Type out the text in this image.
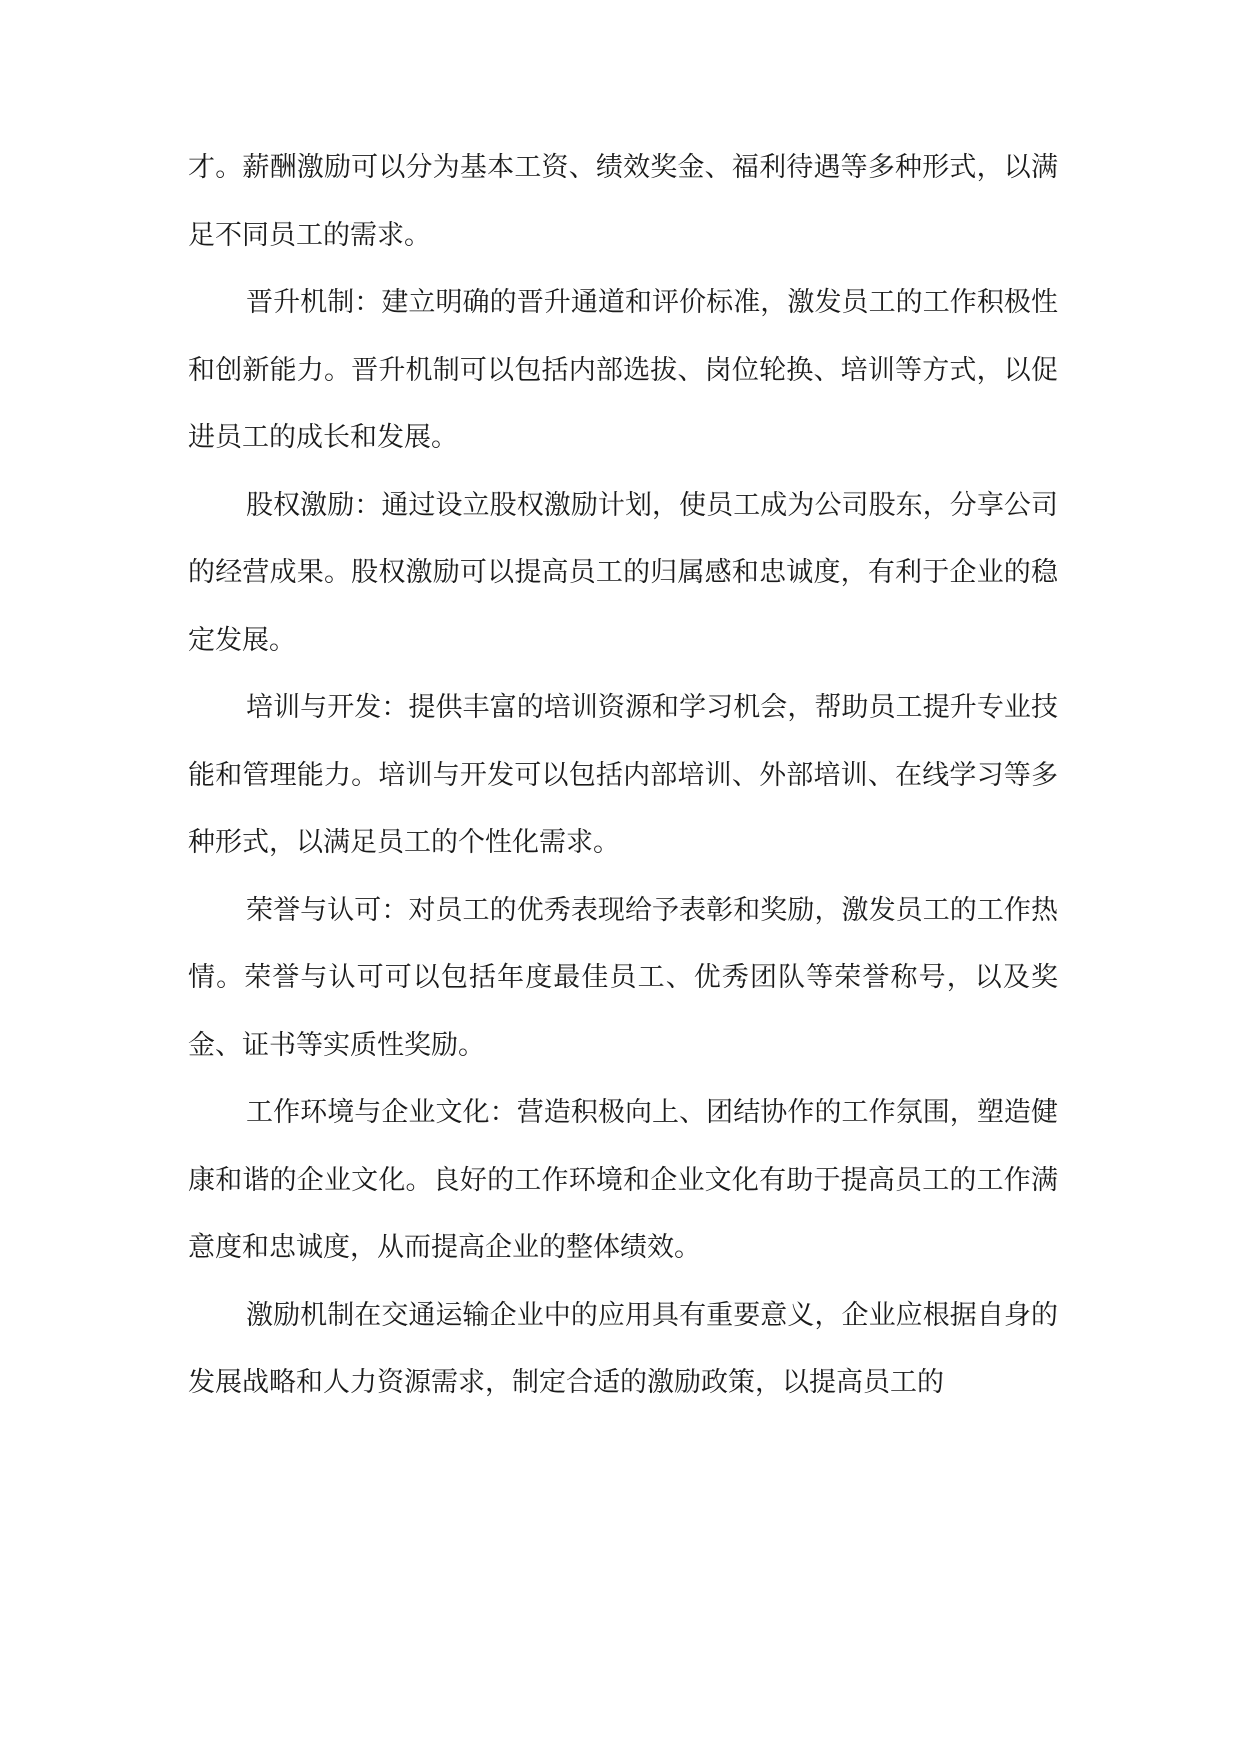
才。薪酬激励可以分为基本工资、绩效奖金、福利待遇等多种形式，以满足不同员工的需求。

晋升机制：建立明确的晋升通道和评价标准，激发员工的工作积极性和创新能力。晋升机制可以包括内部选拔、岗位轮换、培训等方式，以促进员工的成长和发展。

股权激励：通过设立股权激励计划，使员工成为公司股东，分享公司的经营成果。股权激励可以提高员工的归属感和忠诚度，有利于企业的稳定发展。

培训与开发：提供丰富的培训资源和学习机会，帮助员工提升专业技能和管理能力。培训与开发可以包括内部培训、外部培训、在线学习等多种形式，以满足员工的个性化需求。

荣誉与认可：对员工的优秀表现给予表彰和奖励，激发员工的工作热情。荣誉与认可可以包括年度最佳员工、优秀团队等荣誉称号，以及奖金、证书等实质性奖励。

工作环境与企业文化：营造积极向上、团结协作的工作氛围，塑造健康和谐的企业文化。良好的工作环境和企业文化有助于提高员工的工作满意度和忠诚度，从而提高企业的整体绩效。

激励机制在交通运输企业中的应用具有重要意义，企业应根据自身的发展战略和人力资源需求，制定合适的激励政策，以提高员工的
